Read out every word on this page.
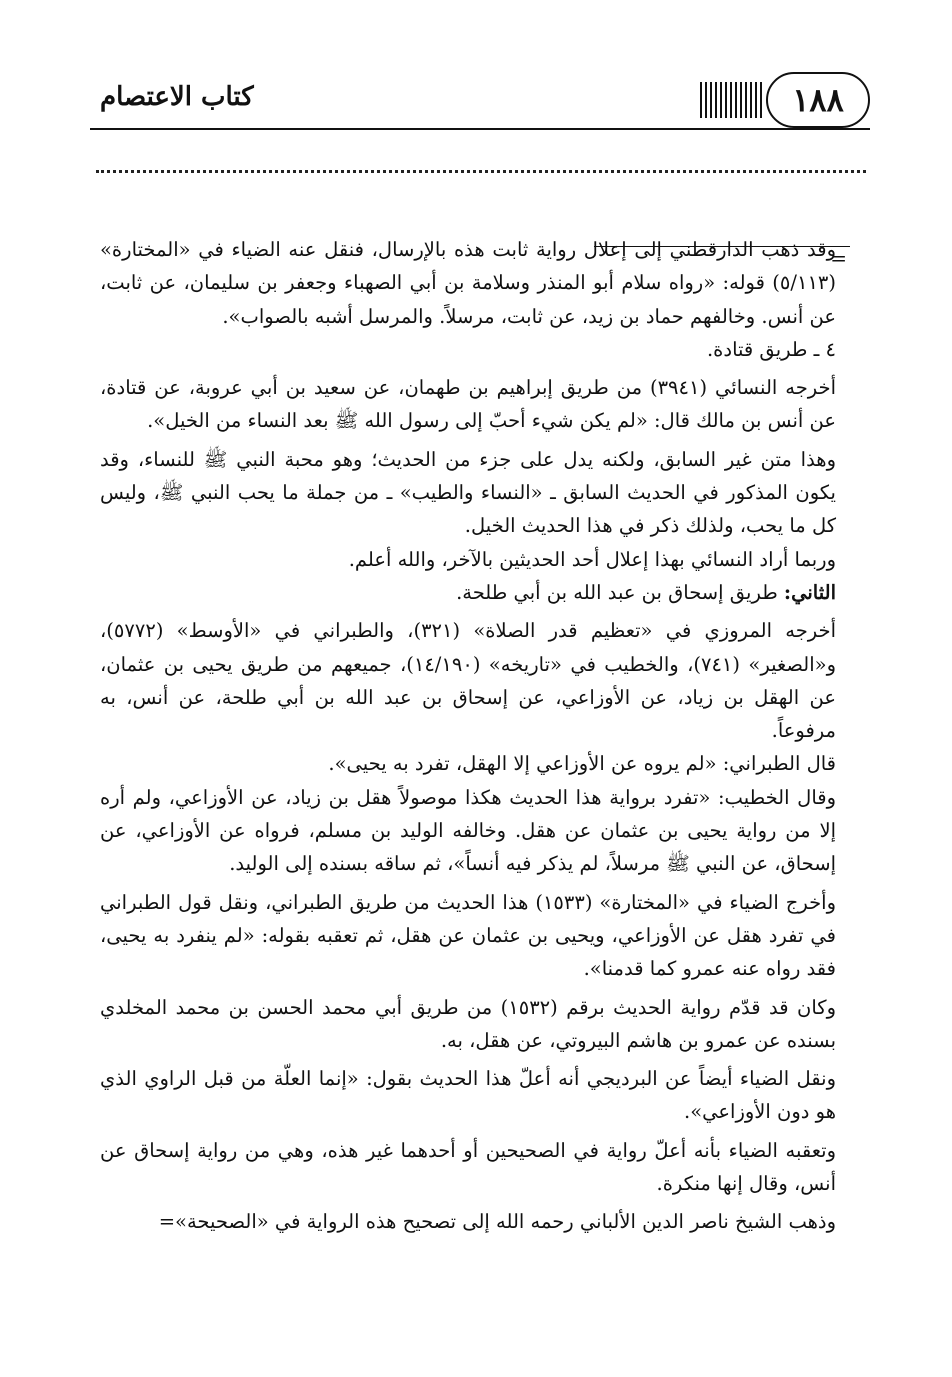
كتاب الاعتصام	١٨٨
=

وقد ذهب الدارقطني إلى إعلال رواية ثابت هذه بالإرسال، فنقل عنه الضياء في «المختارة» (٥/١١٣) قوله: «رواه سلام أبو المنذر وسلامة بن أبي الصهباء وجعفر بن سليمان، عن ثابت، عن أنس. وخالفهم حماد بن زيد، عن ثابت، مرسلاً. والمرسل أشبه بالصواب».

٤ ـ طريق قتادة.

أخرجه النسائي (٣٩٤١) من طريق إبراهيم بن طهمان، عن سعيد بن أبي عروبة، عن قتادة، عن أنس بن مالك قال: «لم يكن شيء أحبّ إلى رسول الله ﷺ بعد النساء من الخيل».

وهذا متن غير السابق، ولكنه يدل على جزء من الحديث؛ وهو محبة النبي ﷺ للنساء، وقد يكون المذكور في الحديث السابق ـ «النساء والطيب» ـ من جملة ما يحب النبي ﷺ، وليس كل ما يحب، ولذلك ذكر في هذا الحديث الخيل.

وربما أراد النسائي بهذا إعلال أحد الحديثين بالآخر، والله أعلم.

الثاني: طريق إسحاق بن عبد الله بن أبي طلحة.

أخرجه المروزي في «تعظيم قدر الصلاة» (٣٢١)، والطبراني في «الأوسط» (٥٧٧٢)، و«الصغير» (٧٤١)، والخطيب في «تاريخه» (١٤/١٩٠)، جميعهم من طريق يحيى بن عثمان، عن الهقل بن زياد، عن الأوزاعي، عن إسحاق بن عبد الله بن أبي طلحة، عن أنس، به مرفوعاً.

قال الطبراني: «لم يروه عن الأوزاعي إلا الهقل، تفرد به يحيى».

وقال الخطيب: «تفرد برواية هذا الحديث هكذا موصولاً هقل بن زياد، عن الأوزاعي، ولم أره إلا من رواية يحيى بن عثمان عن هقل. وخالفه الوليد بن مسلم، فرواه عن الأوزاعي، عن إسحاق، عن النبي ﷺ مرسلاً، لم يذكر فيه أنساً»، ثم ساقه بسنده إلى الوليد.

وأخرج الضياء في «المختارة» (١٥٣٣) هذا الحديث من طريق الطبراني، ونقل قول الطبراني في تفرد هقل عن الأوزاعي، ويحيى بن عثمان عن هقل، ثم تعقبه بقوله: «لم ينفرد به يحيى، فقد رواه عنه عمرو كما قدمنا».

وكان قد قدّم رواية الحديث برقم (١٥٣٢) من طريق أبي محمد الحسن بن محمد المخلدي بسنده عن عمرو بن هاشم البيروتي، عن هقل، به.

ونقل الضياء أيضاً عن البرديجي أنه أعلّ هذا الحديث بقول: «إنما العلّة من قبل الراوي الذي هو دون الأوزاعي».

وتعقبه الضياء بأنه أعلّ رواية في الصحيحين أو أحدهما غير هذه، وهي من رواية إسحاق عن أنس، وقال إنها منكرة.

وذهب الشيخ ناصر الدين الألباني رحمه الله إلى تصحيح هذه الرواية في «الصحيحة»=
